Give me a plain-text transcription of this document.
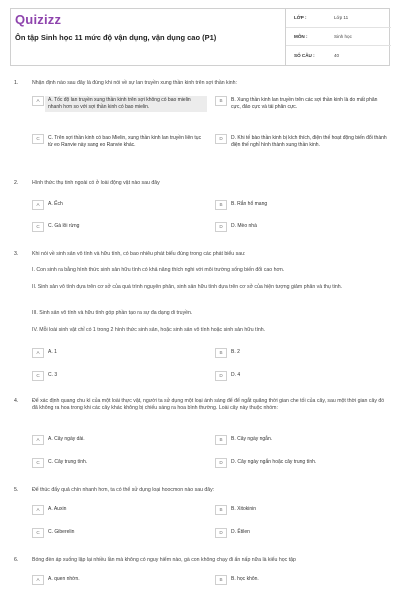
Quizizz
Ôn tập Sinh học 11 mức độ vận dụng, vận dụng cao (P1)
LỚP :	Lớp 11
MÔN :	Sinh học
SỐ CÂU :	40
1.	Nhận định nào sau đây là đúng khi nói về sự lan truyền xung thần kinh trên sợi thần kinh:
A	A. Tốc độ lan truyền xung thần kinh trên sợi không có bao mielin nhanh hơn so với sợi thần kinh có bao mielin.
B	B. Xung thần kinh lan truyền trên các sợi thần kinh là do mất phân cực, đảo cực và tái phân cực.
C	C. Trên sợi thần kinh có bao Mielin, xung thần kinh lan truyền liên tục từ eo Ranvie này sang eo Ranvie khác.
D	D. Khi tế bào thần kinh bị kích thích, điện thế hoạt động biến đổi thành điện thế nghỉ hình thành xung thần kinh.
2.	Hình thức thụ tinh ngoài có ở loài động vật nào sau đây
A	A. Ếch	B	B. Rắn hổ mang
C	C. Gà lôi rừng	D	D. Mèo nhà
3.	Khi nói về sinh sản vô tính và hữu tính, có bao nhiêu phát biểu đúng trong các phát biểu sau:
I. Con sinh ra bằng hình thức sinh sản hữu tính có khả năng thích nghi với môi trường sống biến đổi cao hơn.
II. Sinh sản vô tính dựa trên cơ sở của quá trình nguyên phân, sinh sản hữu tính dựa trên cơ sở của hiện tượng giảm phân và thụ tinh.
III. Sinh sản vô tính và hữu tính góp phần tạo ra sự đa dạng di truyền.
IV. Mỗi loài sinh vật chỉ có 1 trong 2 hình thức sinh sản, hoặc sinh sản vô tính hoặc sinh sản hữu tính.
A	A. 1	B	B. 2
C	C. 3	D	D. 4
4.	Để xác định quang chu kì của một loài thực vật, người ta sử dụng một loại ánh sáng để để ngắt quãng thời gian che tối của cây, sau một thời gian cây đó đã không ra hoa trong khi các cây khác không bị chiếu sáng ra hoa bình thường. Loài cây này thuộc nhóm:
A	A. Cây ngày dài.	B	B. Cây ngày ngắn.
C	C. Cây trung tính.	D	D. Cây ngày ngắn hoặc cây trung tính.
5.	Để thúc đẩy quả chín nhanh hơn, ta có thể sử dụng loại hoocmon nào sau đây:
A	A. Auxin	B	B. Xitokinin
C	C. Giberelin	D	D. Êtilen
6.	Bóng đèn áp xuống lập lại nhiều lần mà không có nguy hiểm nào, gà con không chạy đi ẩn nấp nữa là kiểu học tập
A	A. quen nhờn.	B	B. học khôn.
